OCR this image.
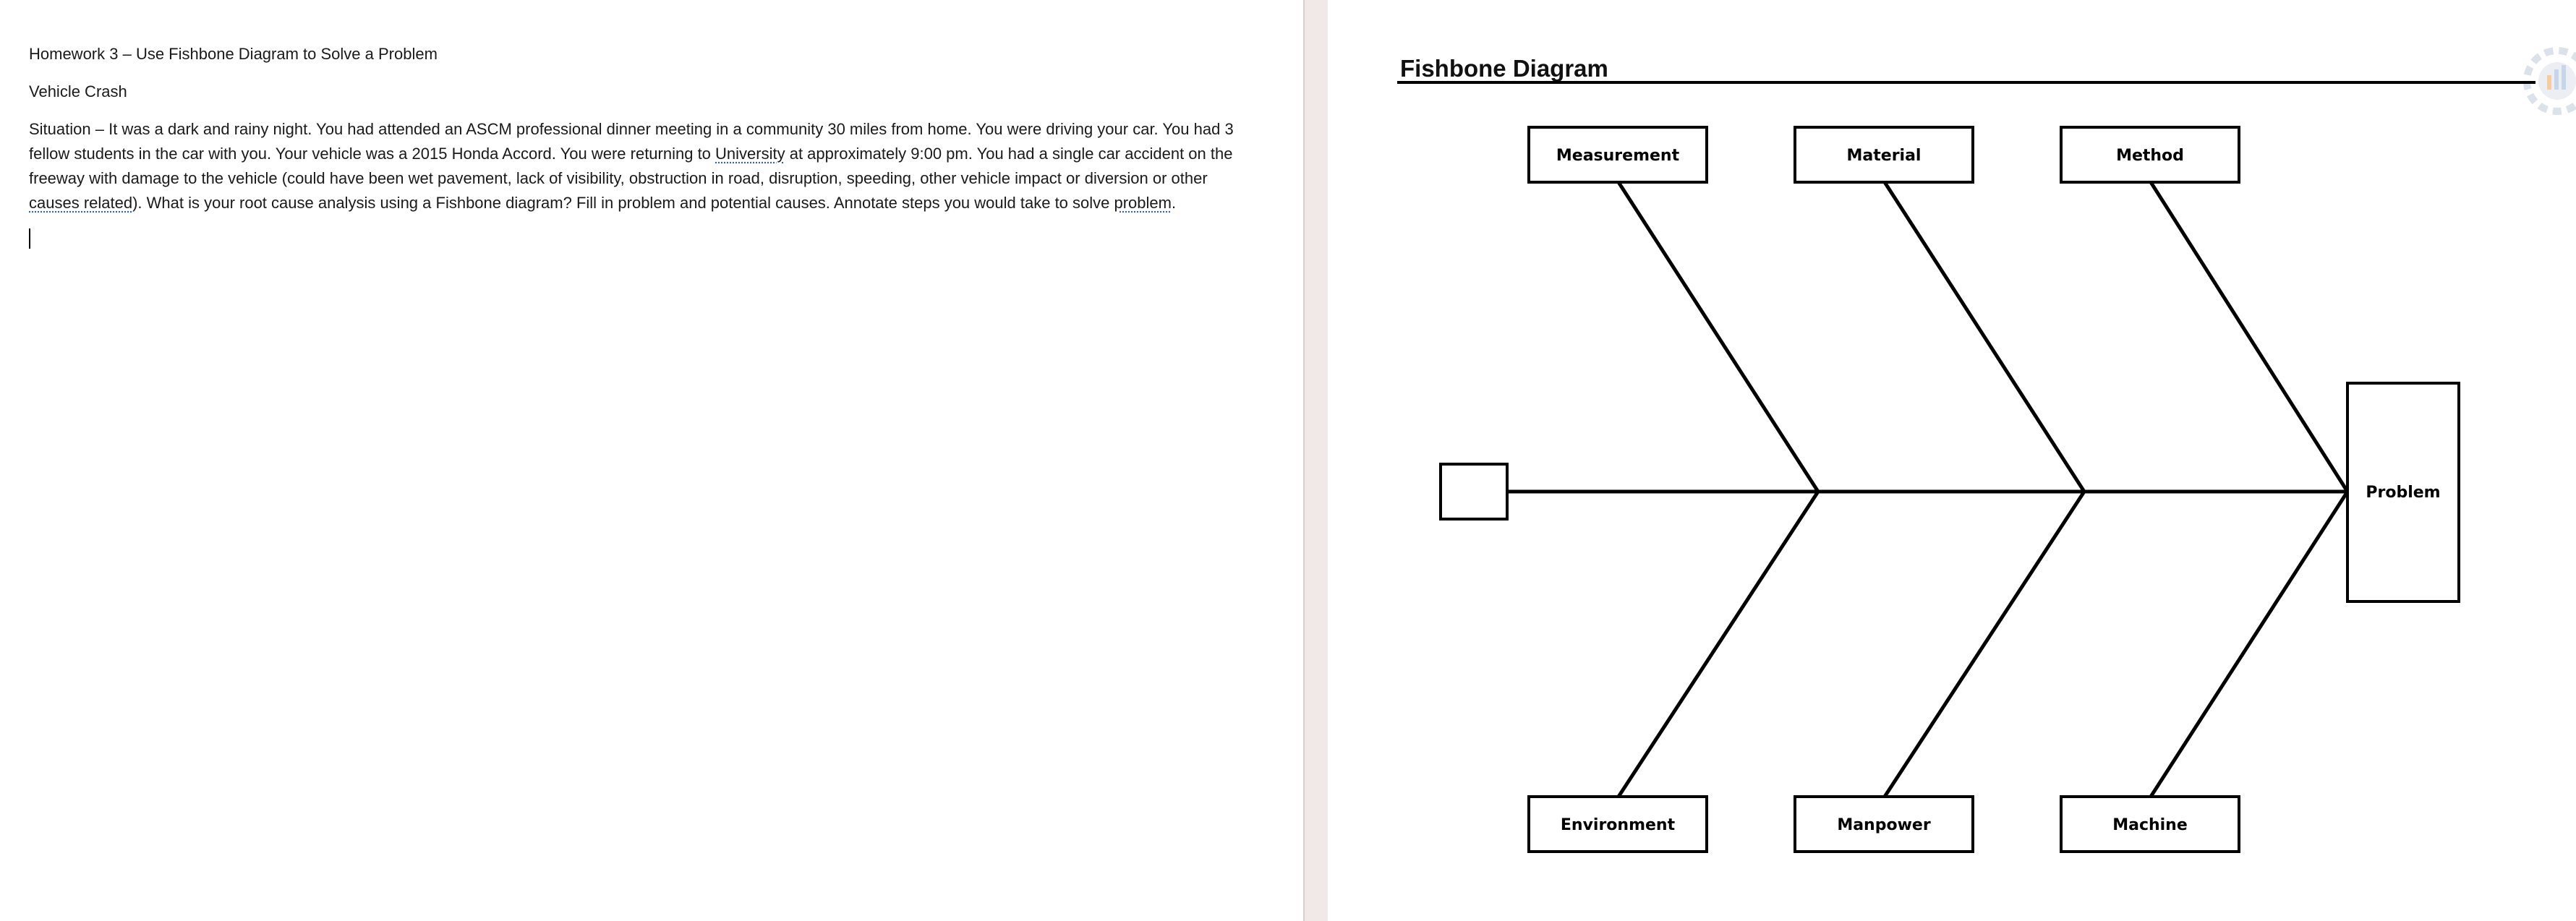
Homework 3 – Use Fishbone Diagram to Solve a Problem

Vehicle Crash

Situation – It was a dark and rainy night. You had attended an ASCM professional dinner meeting in a community 30 miles from home. You were driving your car. You had 3 fellow students in the car with you. Your vehicle was a 2015 Honda Accord. You were returning to University at approximately 9:00 pm. You had a single car accident on the freeway with damage to the vehicle (could have been wet pavement, lack of visibility, obstruction in road, disruption, speeding, other vehicle impact or diversion or other causes related). What is your root cause analysis using a Fishbone diagram? Fill in problem and potential causes. Annotate steps you would take to solve problem.

Fishbone Diagram
Measurement	Material	Method
Environment	Manpower	Machine
Problem
